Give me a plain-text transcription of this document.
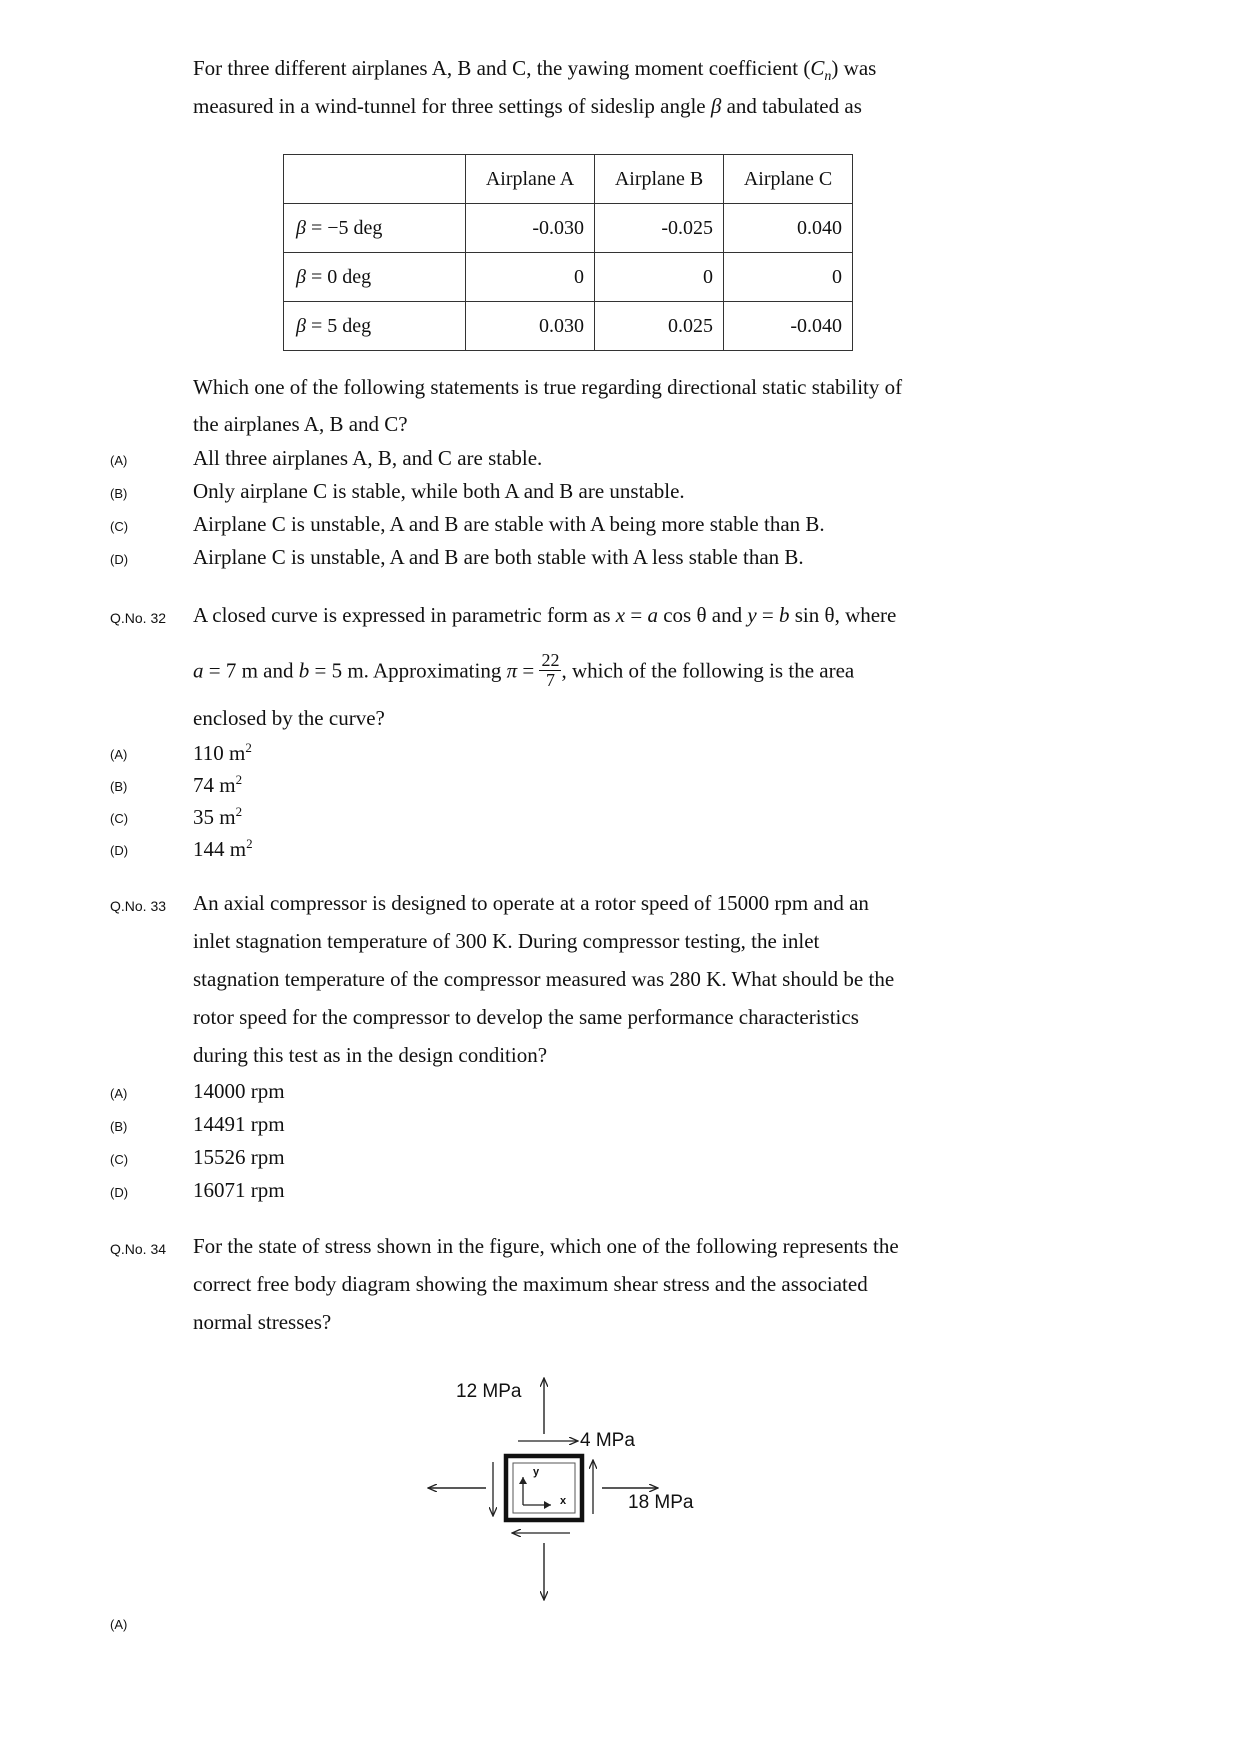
For three different airplanes A, B and C, the yawing moment coefficient $(C_n)$ was
measured in a wind-tunnel for three settings of sideslip angle β and tabulated as
	Airplane A	Airplane B	Airplane C
β = −5 deg	-0.030	-0.025	0.040
β = 0 deg	0	0	0
β = 5 deg	0.030	0.025	-0.040
Which one of the following statements is true regarding directional static stability of
the airplanes A, B and C?
(A)	All three airplanes A, B, and C are stable.
(B)	Only airplane C is stable, while both A and B are unstable.
(C)	Airplane C is unstable, A and B are stable with A being more stable than B.
(D)	Airplane C is unstable, A and B are both stable with A less stable than B.
Q.No. 32 A closed curve is expressed in parametric form as x = a cos θ and y = b sin θ, where
a = 7 m and b = 5 m. Approximating $\pi = \frac{22}{7}$ , which of the following is the area
enclosed by the curve?
(A)	110 $m^2$
(B)	74 $m^2$
(C)	35 $m^2$
(D)	144 $m^2$
Q.No. 33 An axial compressor is designed to operate at a rotor speed of 15000 rpm and an
inlet stagnation temperature of 300 K. During compressor testing, the inlet
stagnation temperature of the compressor measured was 280 K. What should be the
rotor speed for the compressor to develop the same performance characteristics
during this test as in the design condition?
(A)	14000 rpm
(B)	14491 rpm
(C)	15526 rpm
(D)	16071 rpm
Q.No. 34 For the state of stress shown in the figure, which one of the following represents the
correct free body diagram showing the maximum shear stress and the associated
normal stresses?
12 MPa
4 MPa
18 MPa
y
x
(A)
